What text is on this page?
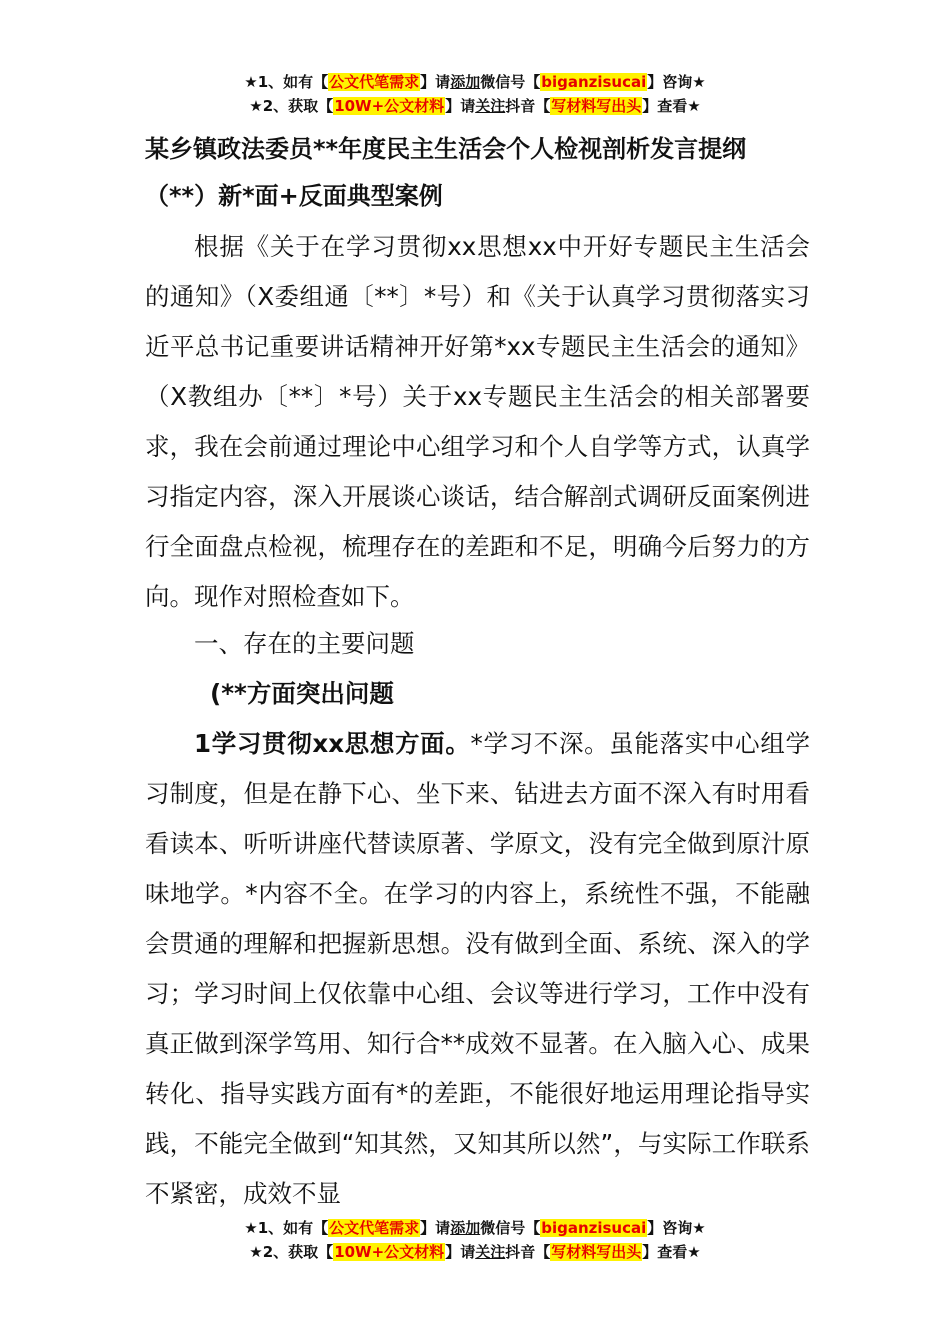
★1、如有【公文代笔需求】请添加微信号【biganzisucai】咨询★
★2、获取【10W+公文材料】请关注抖音【写材料写出头】查看★
某乡镇政法委员**年度民主生活会个人检视剖析发言提纲
（**）新*面+反面典型案例
根据《关于在学习贯彻xx思想xx中开好专题民主生活会的通知》（X委组通〔**〕*号）和《关于认真学习贯彻落实习近平总书记重要讲话精神开好第*xx专题民主生活会的通知》（X教组办〔**〕*号）关于xx专题民主生活会的相关部署要求，我在会前通过理论中心组学习和个人自学等方式，认真学习指定内容，深入开展谈心谈话，结合解剖式调研反面案例进行全面盘点检视，梳理存在的差距和不足，明确今后努力的方向。现作对照检查如下。
一、存在的主要问题
(**方面突出问题
1学习贯彻xx思想方面。*学习不深。虽能落实中心组学习制度，但是在静下心、坐下来、钻进去方面不深入有时用看看读本、听听讲座代替读原著、学原文，没有完全做到原汁原味地学。*内容不全。在学习的内容上，系统性不强，不能融会贯通的理解和把握新思想。没有做到全面、系统、深入的学习；学习时间上仅依靠中心组、会议等进行学习，工作中没有真正做到深学笃用、知行合**成效不显著。在入脑入心、成果转化、指导实践方面有*的差距，不能很好地运用理论指导实践，不能完全做到“知其然，又知其所以然”，与实际工作联系不紧密，成效不显
★1、如有【公文代笔需求】请添加微信号【biganzisucai】咨询★
★2、获取【10W+公文材料】请关注抖音【写材料写出头】查看★
